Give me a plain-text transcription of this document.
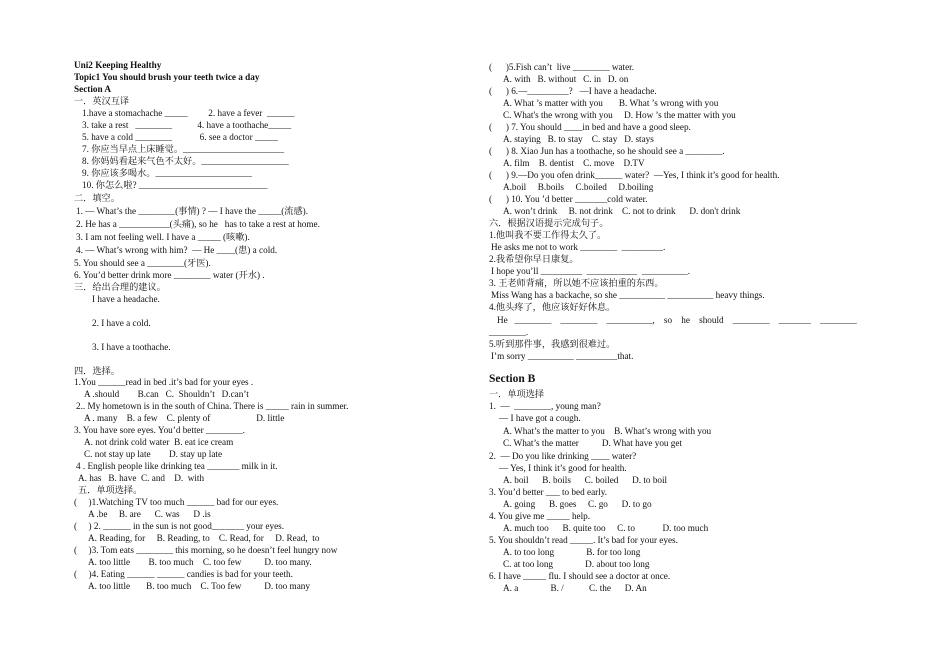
Uni2 Keeping Healthy
Topic1 You should brush your teeth twice a day
Section A
一．英汉互译
1.have a stomachache _____         2. have a fever  ______
3. take a rest   ________           4. have a toothache_____
5. have a cold ________            6. see a doctor _____
7. 你应当早点上床睡觉。______________________
8. 你妈妈看起来气色不太好。___________________
9. 你应该多喝水。_____________________
10. 你怎么啦? ____________________________
二．填空。
1. — What’s the ________(事情) ? — I have the _____(流感).
2. He has a ___________(头痛), so he   has to take a rest at home.
3. I am not feeling well. I have a _____ (咳嗽).
4. — What’s wrong with him?  — He ____(患) a cold.
5. You should see a ________(牙医).
6. You’d better drink more ________ water (开水) .
三．给出合理的建议。
I have a headache.
2. I have a cold.
3. I have a toothache.
四．选择。
1.You ______read in bed .it’s bad for your eyes .
A .should        B.can   C.  Shouldn’t   D.can’t
2.. My hometown is in the south of China. There is _____ rain in summer.
A . many    B. a few    C. plenty of                    D. little
3. You have sore eyes. You’d better ________.
A. not drink cold water  B. eat ice cream
C. not stay up late        D. stay up late
4 . English people like drinking tea _______ milk in it.
A. has   B. have  C. and    D.  with
五．单项选择。
(     )1.Watching TV too much ______ bad for our eyes.
A .be     B. are      C. was      D .is
(     ) 2. ______ in the sun is not good_______ your eyes.
A. Reading, for     B. Reading, to    C. Read, for     D. Read,  to
(     )3. Tom eats ________ this morning, so he doesn’t feel hungry now
A. too little        B. too much    C. too few          D. too many.
(     )4. Eating ______ ______ candies is bad for your teeth.
A. too little       B. too much    C. Too few          D. too many
(      )5.Fish can’t  live ________ water.
A. with   B. without   C. in   D. on
(      ) 6.—_________?   —I have a headache.
A. What ’s matter with you       B. What ’s wrong with you
C. What's the wrong with you     D. How ’s the matter with you
(      ) 7. You should ____in bed and have a good sleep.
A. staying   B. to stay    C. stay   D. stays
(      ) 8. Xiao Jun has a toothache, so he should see a ________.
A. film    B. dentist    C. move    D.TV
(      ) 9.—Do you ofen drink______ water?  —Yes, I think it’s good for health.
A.boil     B.boils     C.boiled     D.boiling
(      ) 10. You ’d better _______cold water.
A. won’t drink     B. not drink    C. not to drink      D. don't drink
六．根据汉语提示完成句子。
1.他叫我不要工作得太久了。
He asks me not to work ________  _________.
2.我希望你早日康复。
I hope you’ll _________  ___________  __________.
3. 王老师背痛，所以她不应该拍重的东西。
Miss Wang has a backache, so she __________ __________ heavy things.
4.他头疼了，他应该好好休息。
He   ________    ________    __________,    so    he    should    ________    _______    ________
________.
5.听到那件事，我感到很难过。
I’m sorry __________ _________that.
Section B
一．单项选择
1.  —  ________, young man?
— I have got a cough.
A. What’s the matter to you    B. What’s wrong with you
C. What’s the matter          D. What have you get
2.  — Do you like drinking ____ water?
— Yes, I think it’s good for health.
A. boil      B. boils      C. boiled      D. to boil
3. You’d better ___ to bed early.
A. going      B. goes     C. go      D. to go
4. You give me _____ help.
A. much too      B. quite too     C. to            D. too much
5. You shouldn’t read _____. It’s bad for your eyes.
A. to too long              B. for too long
C. at too long              D. about too long
6. I have _____ flu. I should see a doctor at once.
A. a              B. /           C. the      D. An
